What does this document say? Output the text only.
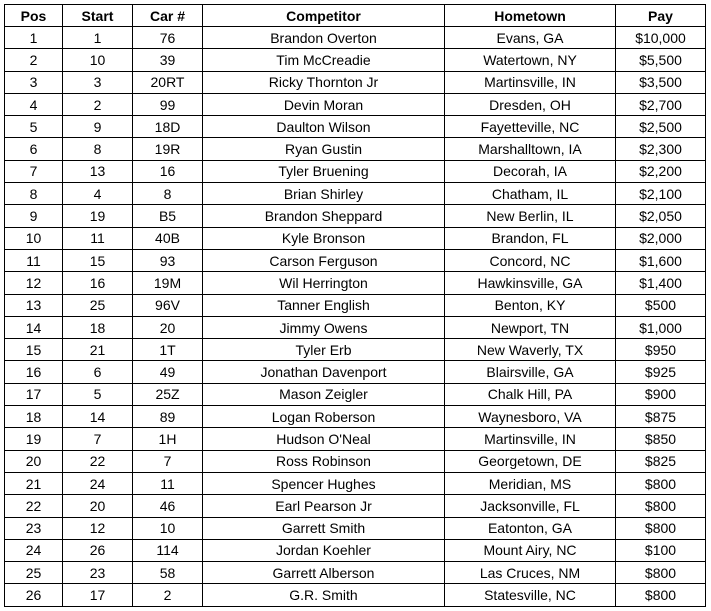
Pos	Start	Car #	Competitor	Hometown	Pay
1	1	76	Brandon Overton	Evans, GA	$10,000
2	10	39	Tim McCreadie	Watertown, NY	$5,500
3	3	20RT	Ricky Thornton Jr	Martinsville, IN	$3,500
4	2	99	Devin Moran	Dresden, OH	$2,700
5	9	18D	Daulton Wilson	Fayetteville, NC	$2,500
6	8	19R	Ryan Gustin	Marshalltown, IA	$2,300
7	13	16	Tyler Bruening	Decorah, IA	$2,200
8	4	8	Brian Shirley	Chatham, IL	$2,100
9	19	B5	Brandon Sheppard	New Berlin, IL	$2,050
10	11	40B	Kyle Bronson	Brandon, FL	$2,000
11	15	93	Carson Ferguson	Concord, NC	$1,600
12	16	19M	Wil Herrington	Hawkinsville, GA	$1,400
13	25	96V	Tanner English	Benton, KY	$500
14	18	20	Jimmy Owens	Newport, TN	$1,000
15	21	1T	Tyler Erb	New Waverly, TX	$950
16	6	49	Jonathan Davenport	Blairsville, GA	$925
17	5	25Z	Mason Zeigler	Chalk Hill, PA	$900
18	14	89	Logan Roberson	Waynesboro, VA	$875
19	7	1H	Hudson O'Neal	Martinsville, IN	$850
20	22	7	Ross Robinson	Georgetown, DE	$825
21	24	11	Spencer Hughes	Meridian, MS	$800
22	20	46	Earl Pearson Jr	Jacksonville, FL	$800
23	12	10	Garrett Smith	Eatonton, GA	$800
24	26	114	Jordan Koehler	Mount Airy, NC	$100
25	23	58	Garrett Alberson	Las Cruces, NM	$800
26	17	2	G.R. Smith	Statesville, NC	$800
